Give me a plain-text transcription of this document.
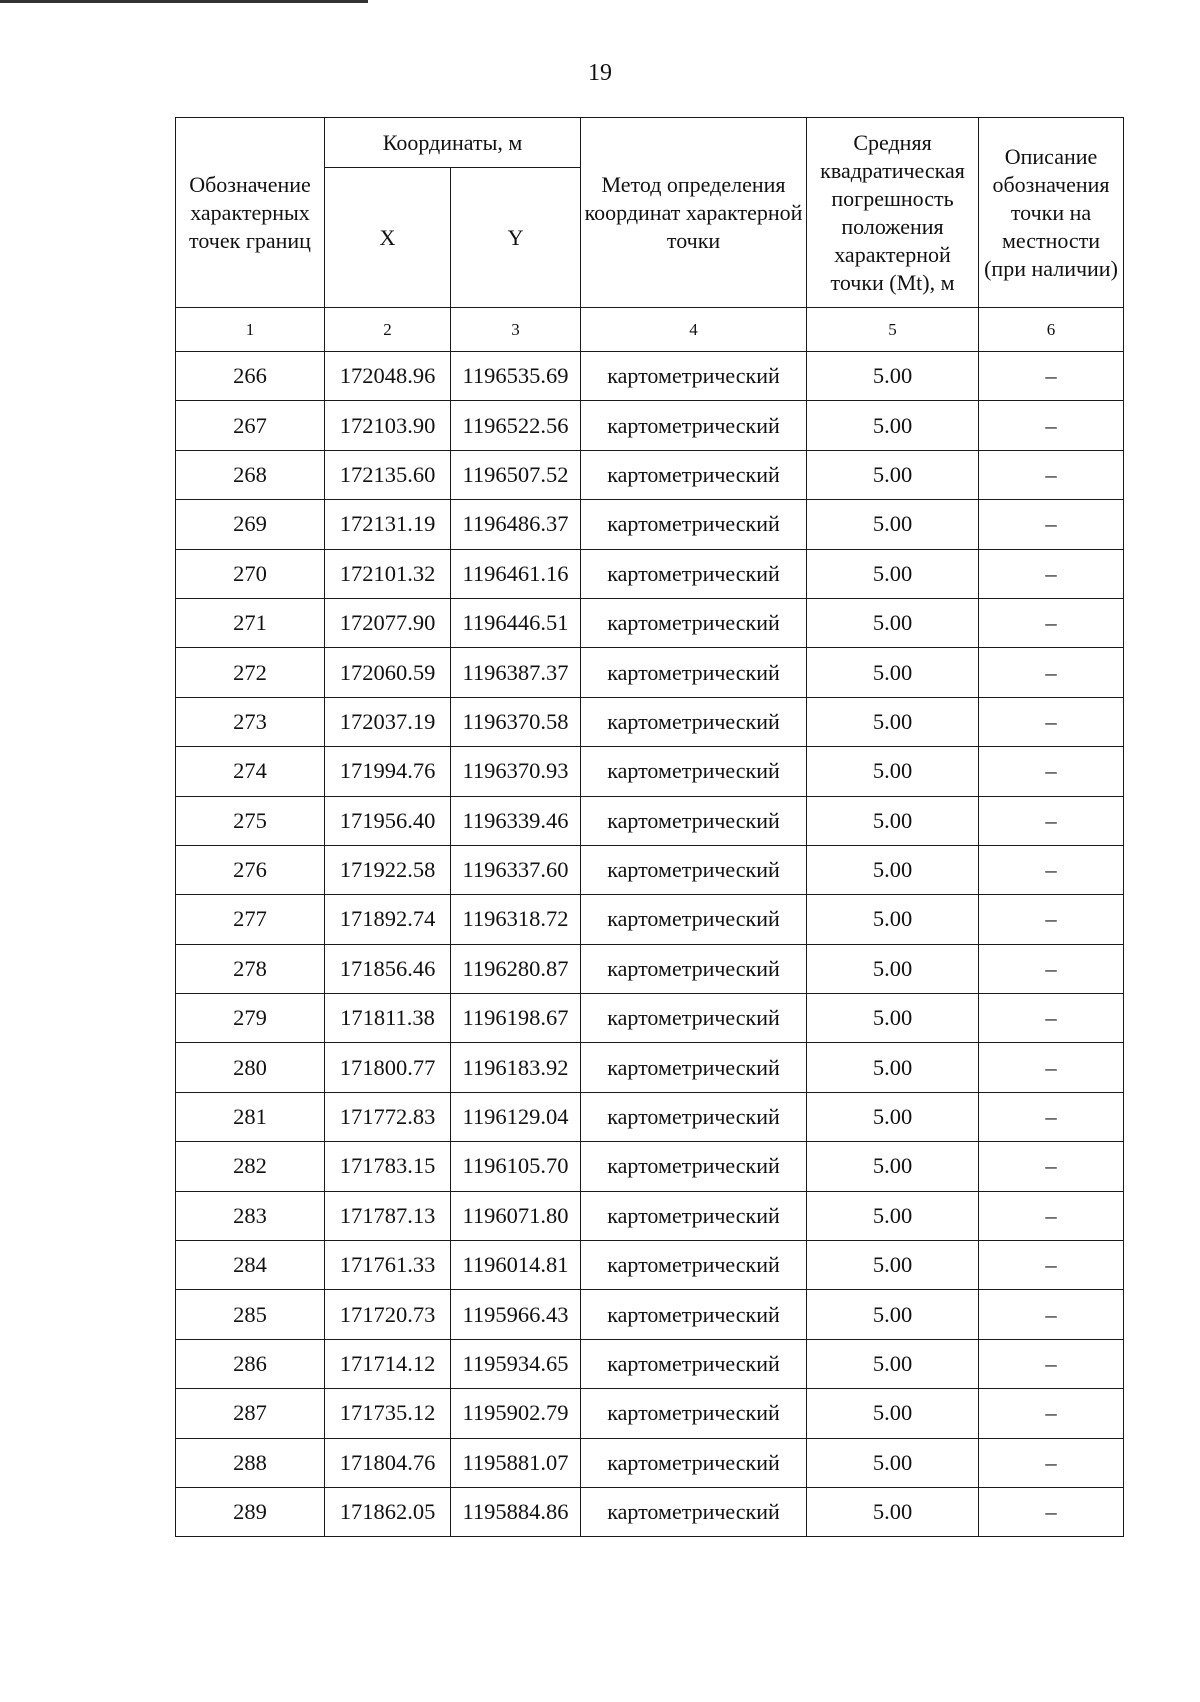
19
Обозначение характерных точек границ	Координаты, м		Метод определения координат характерной точки	Средняя квадратическая погрешность положения характерной точки (Mt), м	Описание обозначения точки на местности (при наличии)
	X	Y			
1	2	3	4	5	6
266	172048.96	1196535.69	картометрический	5.00	–
267	172103.90	1196522.56	картометрический	5.00	–
268	172135.60	1196507.52	картометрический	5.00	–
269	172131.19	1196486.37	картометрический	5.00	–
270	172101.32	1196461.16	картометрический	5.00	–
271	172077.90	1196446.51	картометрический	5.00	–
272	172060.59	1196387.37	картометрический	5.00	–
273	172037.19	1196370.58	картометрический	5.00	–
274	171994.76	1196370.93	картометрический	5.00	–
275	171956.40	1196339.46	картометрический	5.00	–
276	171922.58	1196337.60	картометрический	5.00	–
277	171892.74	1196318.72	картометрический	5.00	–
278	171856.46	1196280.87	картометрический	5.00	–
279	171811.38	1196198.67	картометрический	5.00	–
280	171800.77	1196183.92	картометрический	5.00	–
281	171772.83	1196129.04	картометрический	5.00	–
282	171783.15	1196105.70	картометрический	5.00	–
283	171787.13	1196071.80	картометрический	5.00	–
284	171761.33	1196014.81	картометрический	5.00	–
285	171720.73	1195966.43	картометрический	5.00	–
286	171714.12	1195934.65	картометрический	5.00	–
287	171735.12	1195902.79	картометрический	5.00	–
288	171804.76	1195881.07	картометрический	5.00	–
289	171862.05	1195884.86	картометрический	5.00	–
